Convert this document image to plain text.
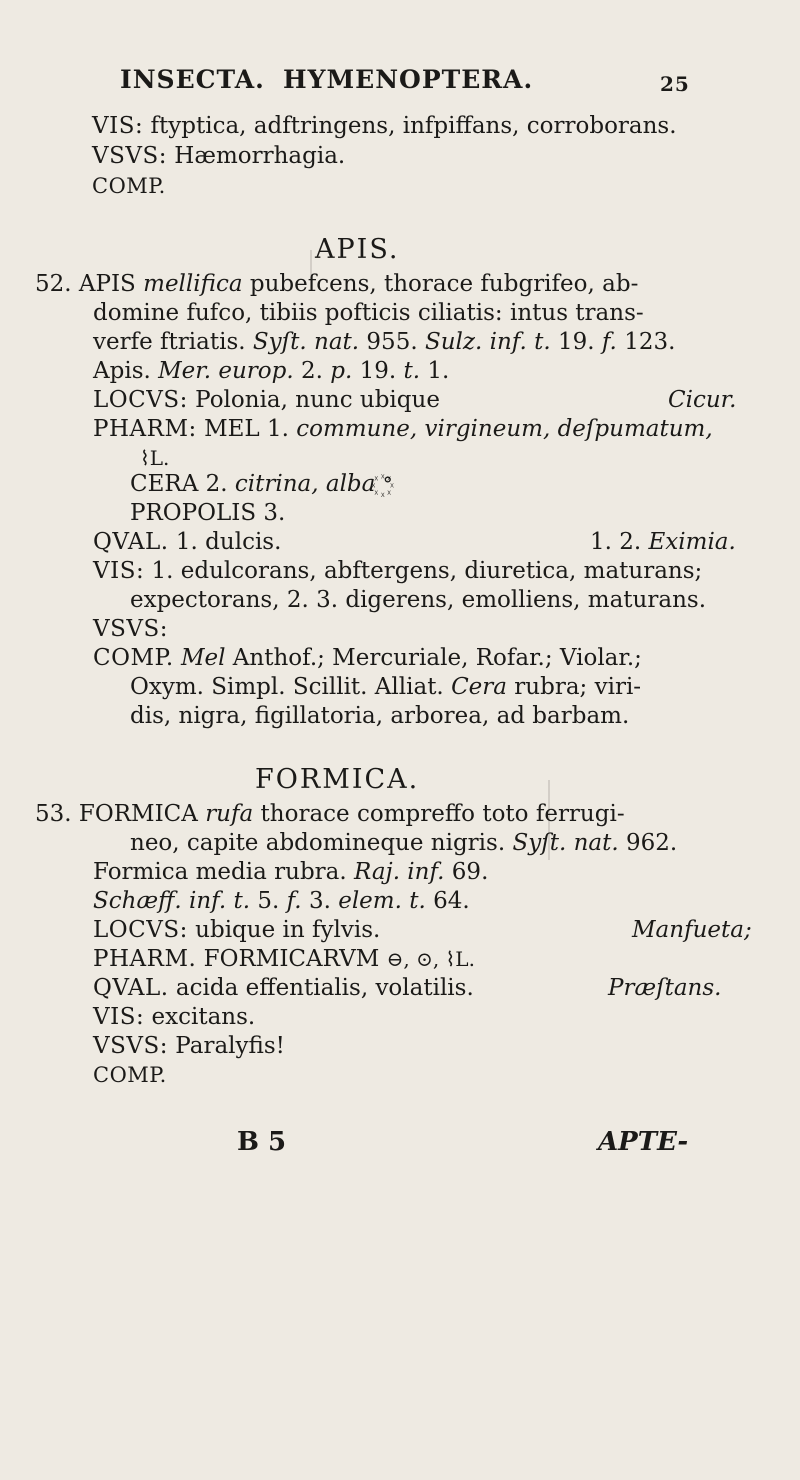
INSECTA. HYMENOPTERA.	25
VIS: ftyptica, adftringens, infpiffans, corroborans.
VSVS: Hæmorrhagia.
COMP.
APIS.
52. APIS mellifica pubefcens, thorace fubgrifeo, ab-
domine fufco, tibiis pofticis ciliatis: intus trans-
verfe ftriatis. Syſt. nat. 955. Sulz. inf. t. 19. f. 123.
Apis. Mer. europ. 2. p. 19. t. 1.
LOCVS: Polonia, nunc ubique	Cicur.
PHARM: MEL 1. commune, virgineum, deſpumatum,
⌇L.
CERA 2. citrina, alba ꙰°
PROPOLIS 3.
QVAL. 1. dulcis.	1. 2. Eximia.
VIS: 1. edulcorans, abftergens, diuretica, maturans;
expectorans, 2. 3. digerens, emolliens, maturans.
VSVS:
COMP. Mel Anthof.; Mercuriale, Rofar.; Violar.;
Oxym. Simpl. Scillit. Alliat. Cera rubra; viri-
dis, nigra, figillatoria, arborea, ad barbam.
FORMICA.
53. FORMICA rufa thorace compreffo toto ferrugi-
neo, capite abdomineque nigris. Syſt. nat. 962.
Formica media rubra. Raj. inf. 69.
Schæff. inf. t. 5. f. 3. elem. t. 64.
LOCVS: ubique in fylvis.	Manfueta;
PHARM. FORMICARVM ⊖, ⊙, ⌇L.
QVAL. acida effentialis, volatilis.	Præſtans.
VIS: excitans.
VSVS: Paralyfis!
COMP.
B 5	APTE-
